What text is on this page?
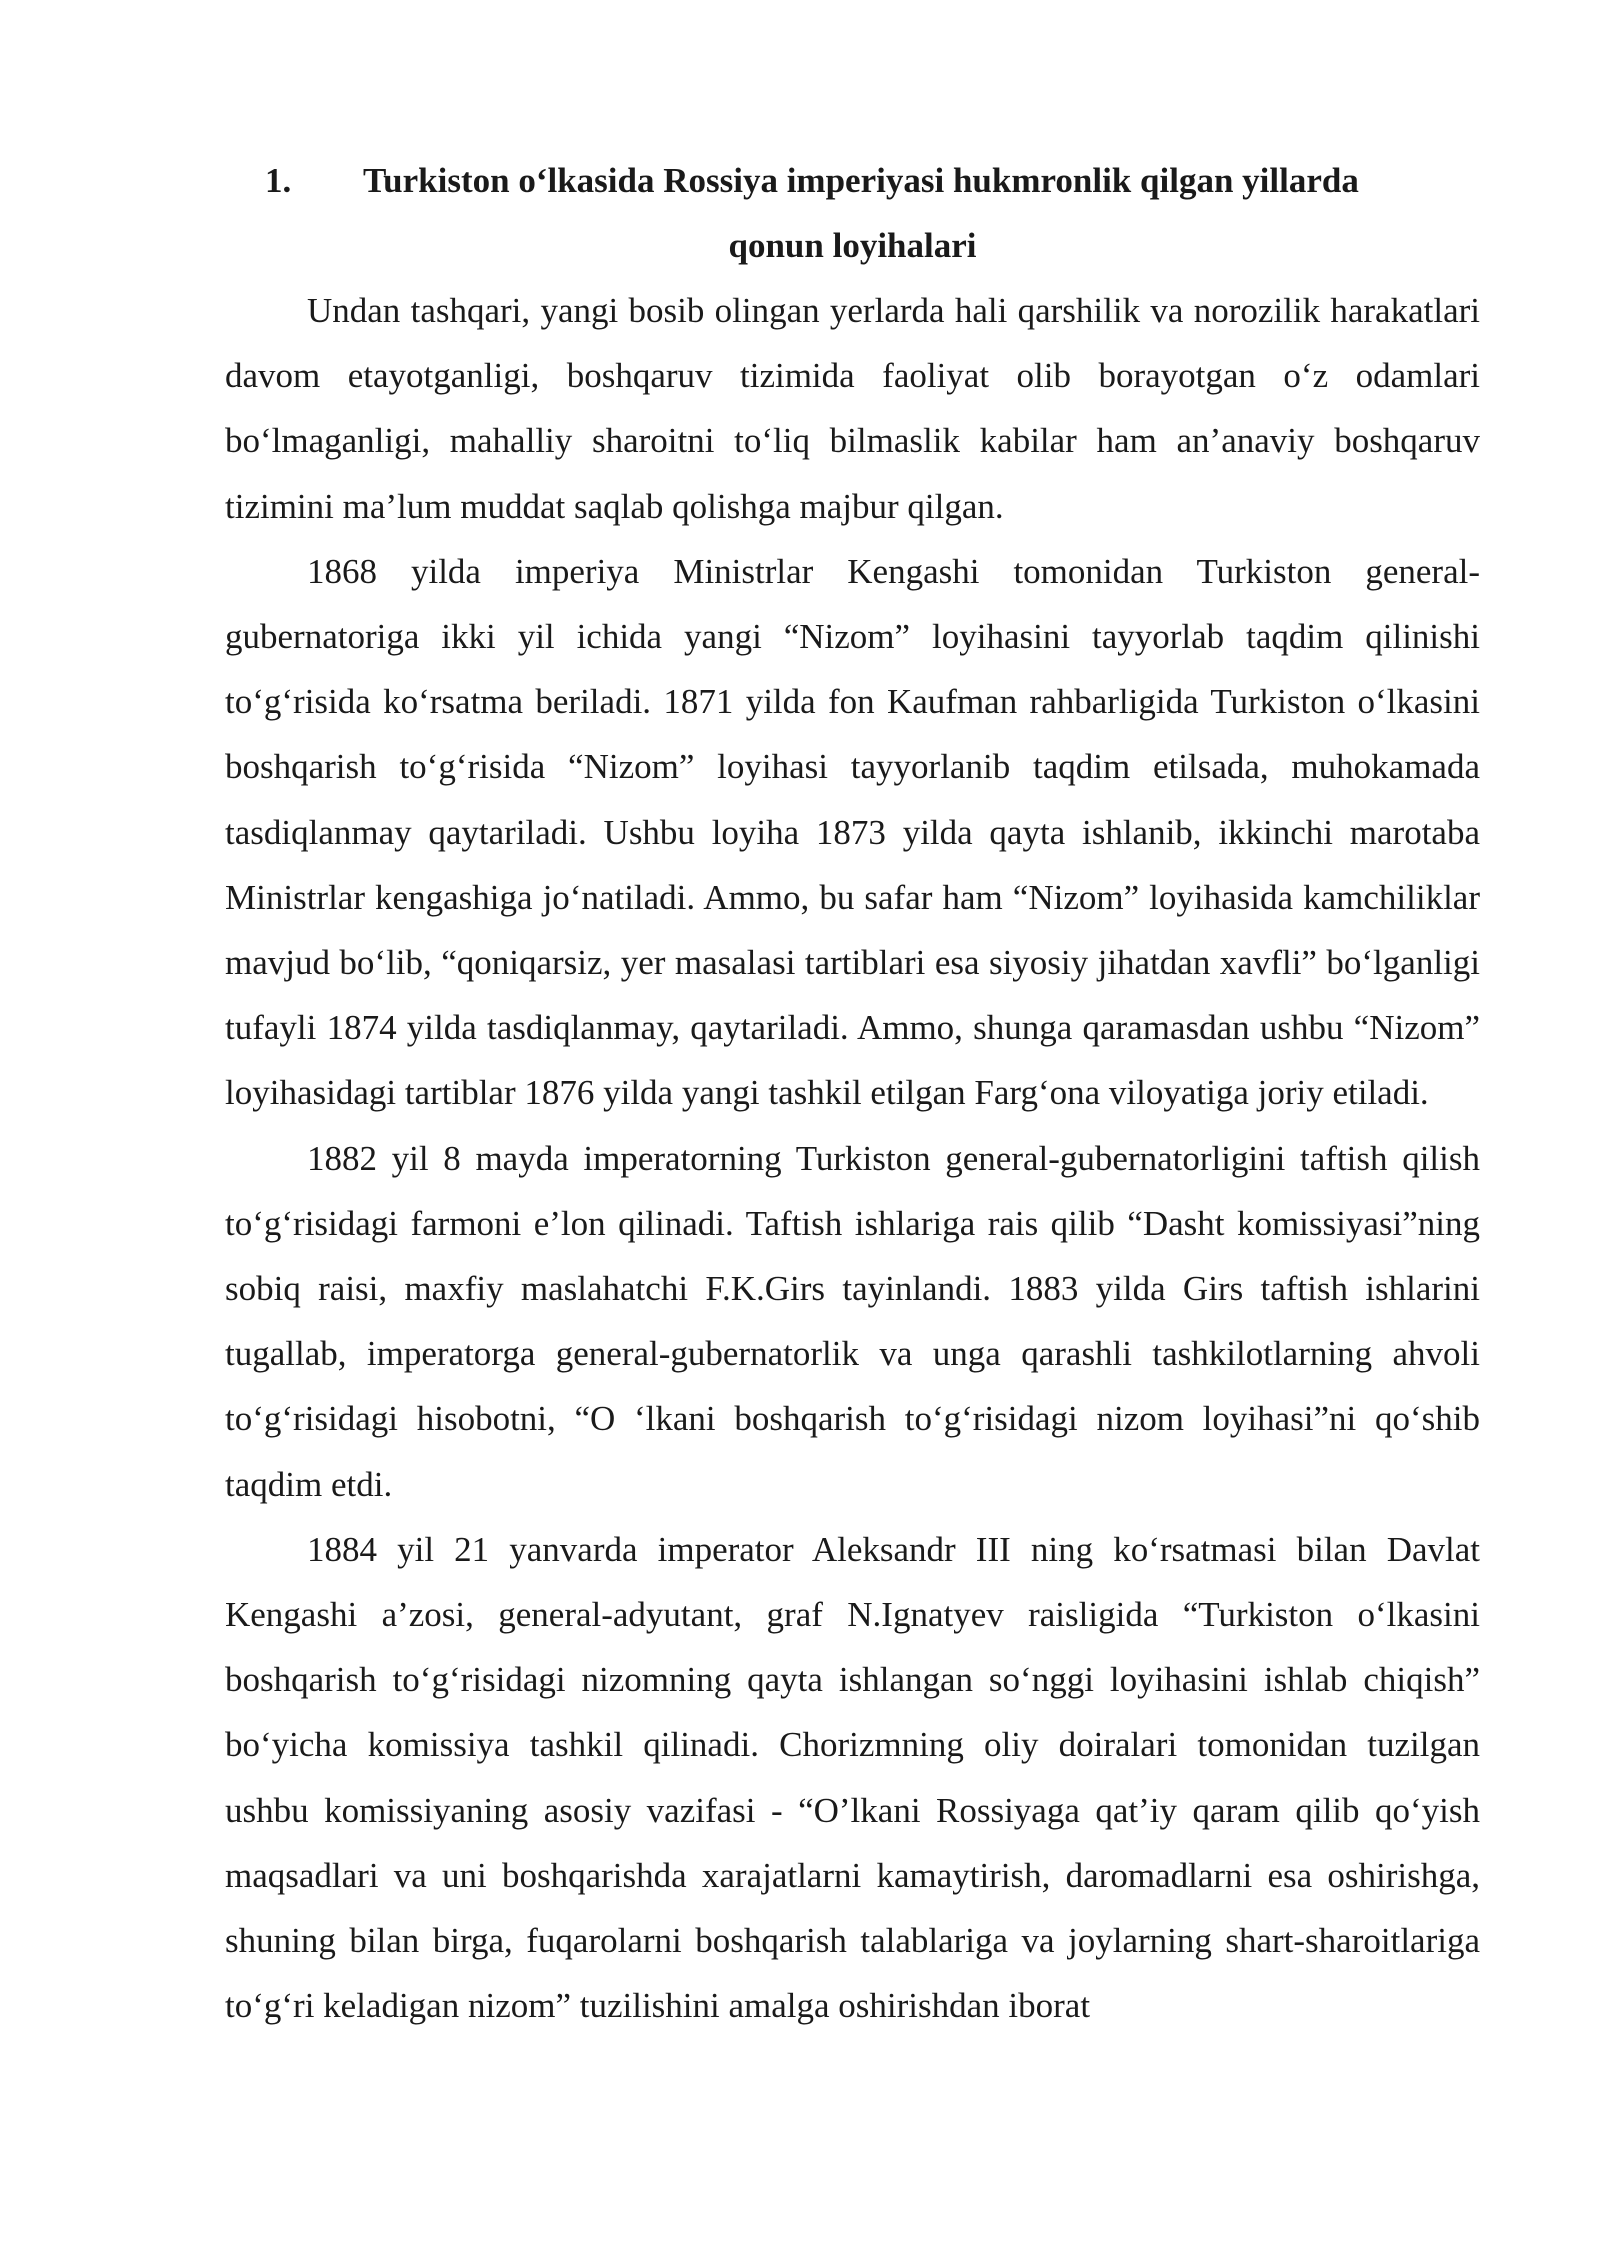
1. Turkiston o‘lkasida Rossiya imperiyasi hukmronlik qilgan yillarda

qonun loyihalari

Undan tashqari, yangi bosib olingan yerlarda hali qarshilik va norozilik harakatlari davom etayotganligi, boshqaruv tizimida faoliyat olib borayotgan o‘z odamlari bo‘lmaganligi, mahalliy sharoitni to‘liq bilmaslik kabilar ham an’anaviy boshqaruv tizimini ma’lum muddat saqlab qolishga majbur qilgan.

1868 yilda imperiya Ministrlar Kengashi tomonidan Turkiston general-gubernatoriga ikki yil ichida yangi “Nizom” loyihasini tayyorlab taqdim qilinishi to‘g‘risida ko‘rsatma beriladi. 1871 yilda fon Kaufman rahbarligida Turkiston o‘lkasini boshqarish to‘g‘risida “Nizom” loyihasi tayyorlanib taqdim etilsada, muhokamada tasdiqlanmay qaytariladi. Ushbu loyiha 1873 yilda qayta ishlanib, ikkinchi marotaba Ministrlar kengashiga jo‘natiladi. Ammo, bu safar ham “Nizom” loyihasida kamchiliklar mavjud bo‘lib, “qoniqarsiz, yer masalasi tartiblari esa siyosiy jihatdan xavfli” bo‘lganligi tufayli 1874 yilda tasdiqlanmay, qaytariladi. Ammo, shunga qaramasdan ushbu “Nizom” loyihasidagi tartiblar 1876 yilda yangi tashkil etilgan Farg‘ona viloyatiga joriy etiladi.

1882 yil 8 mayda imperatorning Turkiston general-gubernatorligini taftish qilish to‘g‘risidagi farmoni e’lon qilinadi. Taftish ishlariga rais qilib “Dasht komissiyasi”ning sobiq raisi, maxfiy maslahatchi F.K.Girs tayinlandi. 1883 yilda Girs taftish ishlarini tugallab, imperatorga general-gubernatorlik va unga qarashli tashkilotlarning ahvoli to‘g‘risidagi hisobotni, “O ‘lkani boshqarish to‘g‘risidagi nizom loyihasi”ni qo‘shib taqdim etdi.

1884 yil 21 yanvarda imperator Aleksandr III ning ko‘rsatmasi bilan Davlat Kengashi a’zosi, general-adyutant, graf N.Ignatyev raisligida “Turkiston o‘lkasini boshqarish to‘g‘risidagi nizomning qayta ishlangan so‘nggi loyihasini ishlab chiqish” bo‘yicha komissiya tashkil qilinadi. Chorizmning oliy doiralari tomonidan tuzilgan ushbu komissiyaning asosiy vazifasi - “O’lkani Rossiyaga qat’iy qaram qilib qo‘yish maqsadlari va uni boshqarishda xarajatlarni kamaytirish, daromadlarni esa oshirishga, shuning bilan birga, fuqarolarni boshqarish talablariga va joylarning shart-sharoitlariga to‘g‘ri keladigan nizom” tuzilishini amalga oshirishdan iborat
